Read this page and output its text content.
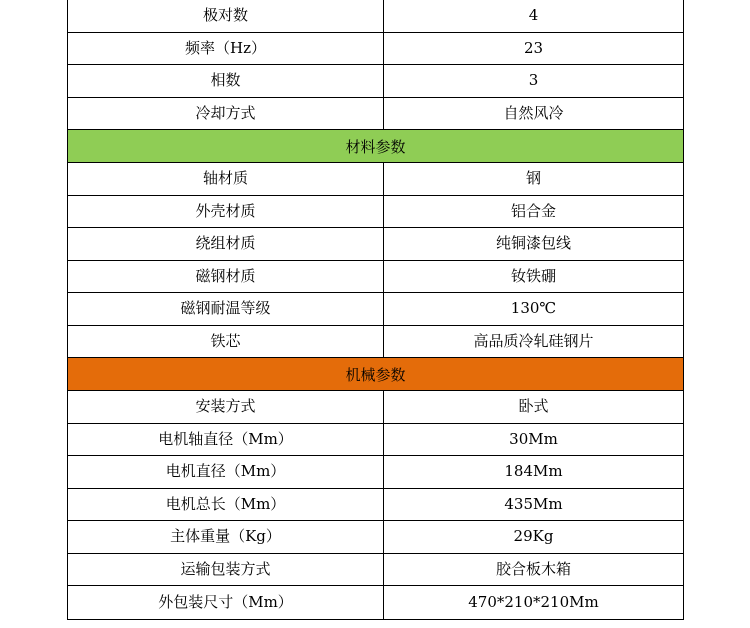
极对数	4
频率（Hz）	23
相数	3
冷却方式	自然风冷
材料参数
轴材质	钢
外壳材质	铝合金
绕组材质	纯铜漆包线
磁钢材质	钕铁硼
磁钢耐温等级	130℃
铁芯	高品质冷轧硅钢片
机械参数
安装方式	卧式
电机轴直径（Mm）	30Mm
电机直径（Mm）	184Mm
电机总长（Mm）	435Mm
主体重量（Kg）	29Kg
运输包装方式	胶合板木箱
外包装尺寸（Mm）	470*210*210Mm
